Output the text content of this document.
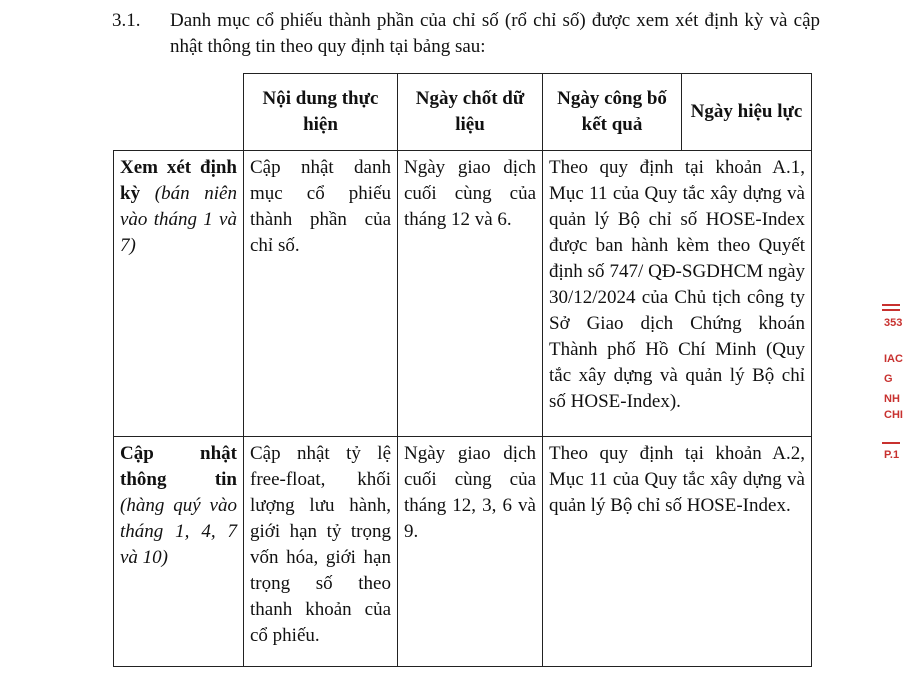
3.1. Danh mục cổ phiếu thành phần của chỉ số (rổ chỉ số) được xem xét định kỳ và cập nhật thông tin theo quy định tại bảng sau:
	Nội dung thực hiện	Ngày chốt dữ liệu	Ngày công bố kết quả	Ngày hiệu lực
Xem xét định kỳ (bán niên vào tháng 1 và 7)	Cập nhật danh mục cổ phiếu thành phần của chỉ số.	Ngày giao dịch cuối cùng của tháng 12 và 6.	Theo quy định tại khoản A.1, Mục 11 của Quy tắc xây dựng và quản lý Bộ chỉ số HOSE-Index được ban hành kèm theo Quyết định số 747/ QĐ-SGDHCM ngày 30/12/2024 của Chủ tịch công ty Sở Giao dịch Chứng khoán Thành phố Hồ Chí Minh (Quy tắc xây dựng và quản lý Bộ chỉ số HOSE-Index).	
Cập nhật thông tin (hàng quý vào tháng 1, 4, 7 và 10)	Cập nhật tỷ lệ free-float, khối lượng lưu hành, giới hạn tỷ trọng vốn hóa, giới hạn trọng số theo thanh khoản của cổ phiếu.	Ngày giao dịch cuối cùng của tháng 12, 3, 6 và 9.	Theo quy định tại khoản A.2, Mục 11 của Quy tắc xây dựng và quản lý Bộ chỉ số HOSE-Index.	
353
IAC
G
NH
CHI
P.1
